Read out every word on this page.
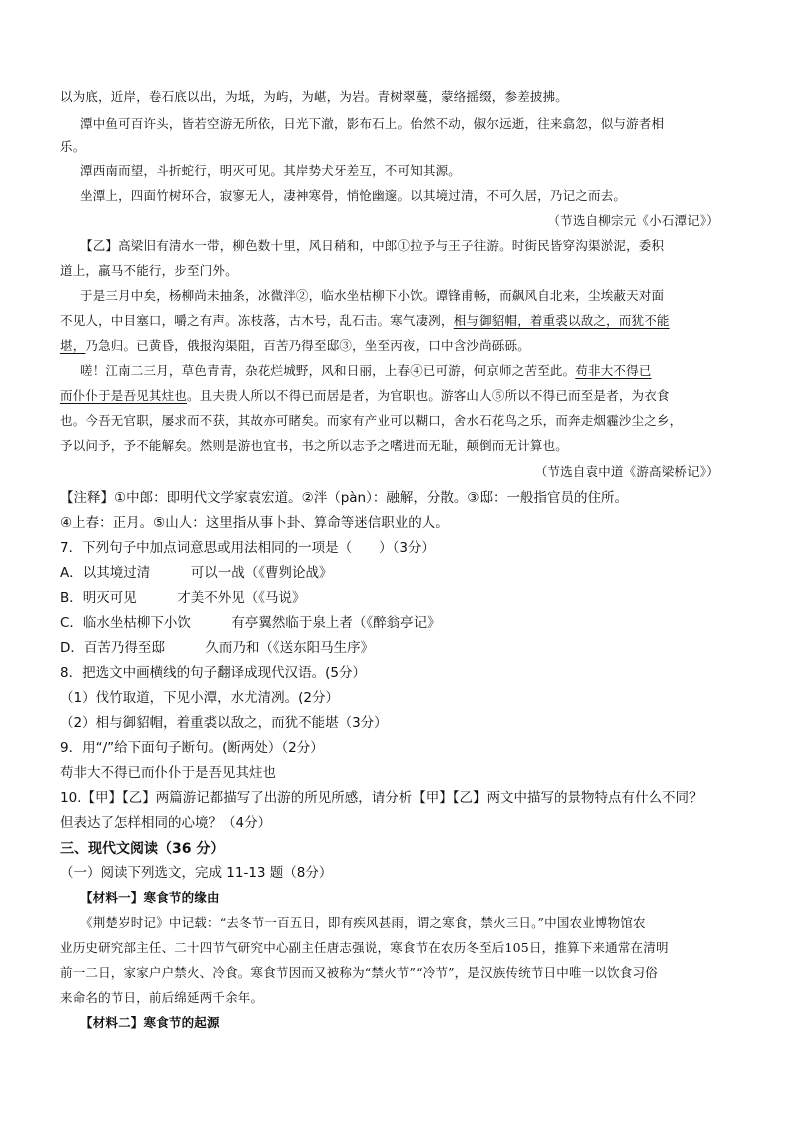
以为底，近岸，卷石底以出，为坻，为屿，为嵁，为岩。青树翠蔓，蒙络摇缀，参差披拂。
潭中鱼可百许头，皆若空游无所依，日光下澈，影布石上。佁然不动，俶尔远逝，往来翕忽，似与游者相
乐。
潭西南而望，斗折蛇行，明灭可见。其岸势犬牙差互，不可知其源。
坐潭上，四面竹树环合，寂寥无人，凄神寒骨，悄怆幽邃。以其境过清，不可久居，乃记之而去。
（节选自柳宗元《小石潭记》）
【乙】高梁旧有清水一带，柳色数十里，风日稍和，中郎①拉予与王子往游。时街民皆穿沟渠淤泥，委积
道上，羸马不能行，步至门外。
于是三月中矣，杨柳尚未抽条，冰微泮②，临水坐枯柳下小饮。谭锋甫畅，而飙风自北来，尘埃蔽天对面
不见人，中目塞口，嚼之有声。冻枝落，古木号，乱石击。寒气凄冽，相与御貂帽，着重裘以敌之，而犹不能
堪，乃急归。已黄昏，俄报沟渠阻，百苦乃得至邸③，坐至丙夜，口中含沙尚砾砾。
嗟！江南二三月，草色青青，杂花烂城野，风和日丽，上春④已可游，何京师之苦至此。苟非大不得已
而仆仆于是吾见其炷也。且夫贵人所以不得已而居是者，为官职也。游客山人⑤所以不得已而至是者，为衣食
也。今吾无官职，屡求而不获，其故亦可睹矣。而家有产业可以糊口，舍水石花鸟之乐，而奔走烟霾沙尘之乡，
予以问予，予不能解矣。然则是游也宜书，书之所以志予之嗜进而无耻，颠倒而无计算也。
（节选自袁中道《游高梁桥记》）
【注释】①中郎：即明代文学家袁宏道。②泮（pàn）：融解，分散。③邸：一般指官员的住所。
④上春：正月。⑤山人：这里指从事卜卦、算命等迷信职业的人。
7．下列句子中加点词意思或用法相同的一项是（　　）（3分）
A．以其境过清　　　可以一战（《曹刿论战》
B．明灭可见　　　才美不外见（《马说》
C．临水坐枯柳下小饮　　　有亭翼然临于泉上者（《醉翁亭记》
D．百苦乃得至邸　　　久而乃和（《送东阳马生序》
8．把选文中画横线的句子翻译成现代汉语。(5分）
（1）伐竹取道，下见小潭，水尤清冽。(2分）
（2）相与御貂帽，着重裘以敌之，而犹不能堪（3分）
9．用“/”给下面句子断句。(断两处）（2分）
苟非大不得已而仆仆于是吾见其炷也
10.【甲】【乙】两篇游记都描写了出游的所见所感，请分析【甲】【乙】两文中描写的景物特点有什么不同？
但表达了怎样相同的心境？（4分）
三、现代文阅读（36 分）
（一）阅读下列选文，完成 11-13 题（8分）
【材料一】寒食节的缘由
《荆楚岁时记》中记载：“去冬节一百五日，即有疾风甚雨，谓之寒食，禁火三日。”中国农业博物馆农
业历史研究部主任、二十四节气研究中心副主任唐志强说，寒食节在农历冬至后105日，推算下来通常在清明
前一二日，家家户户禁火、冷食。寒食节因而又被称为“禁火节”“冷节”，是汉族传统节日中唯一以饮食习俗
来命名的节日，前后绵延两千余年。
【材料二】寒食节的起源
